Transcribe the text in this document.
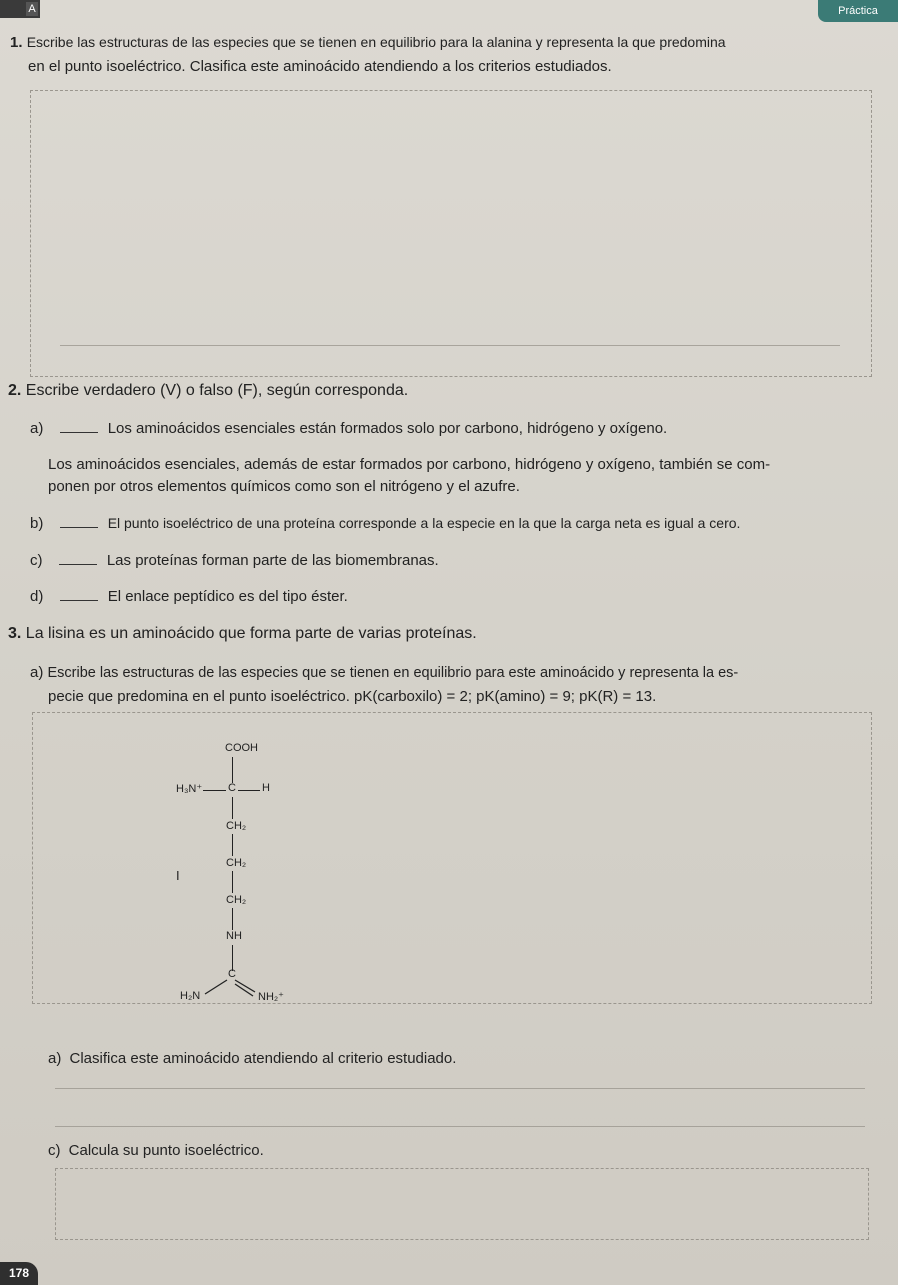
A	Práctica
1. Escribe las estructuras de las especies que se tienen en equilibrio para la alanina y representa la que predomina
en el punto isoeléctrico. Clasifica este aminoácido atendiendo a los criterios estudiados.
2. Escribe verdadero (V) o falso (F), según corresponda.
a)	Los aminoácidos esenciales están formados solo por carbono, hidrógeno y oxígeno.
Los aminoácidos esenciales, además de estar formados por carbono, hidrógeno y oxígeno, también se com-
ponen por otros elementos químicos como son el nitrógeno y el azufre.
b)	El punto isoeléctrico de una proteína corresponde a la especie en la que la carga neta es igual a cero.
c)	Las proteínas forman parte de las biomembranas.
d)	El enlace peptídico es del tipo éster.
3. La lisina es un aminoácido que forma parte de varias proteínas.
a) Escribe las estructuras de las especies que se tienen en equilibrio para este aminoácido y representa la es-
pecie que predomina en el punto isoeléctrico. pK(carboxilo) = 2; pK(amino) = 9; pK(R) = 13.
COOH
H₃N⁺ C H
CH₂
CH₂
I
CH₂
NH
C
H₂N	NH₂⁺
a) Clasifica este aminoácido atendiendo al criterio estudiado.
c) Calcula su punto isoeléctrico.
178
